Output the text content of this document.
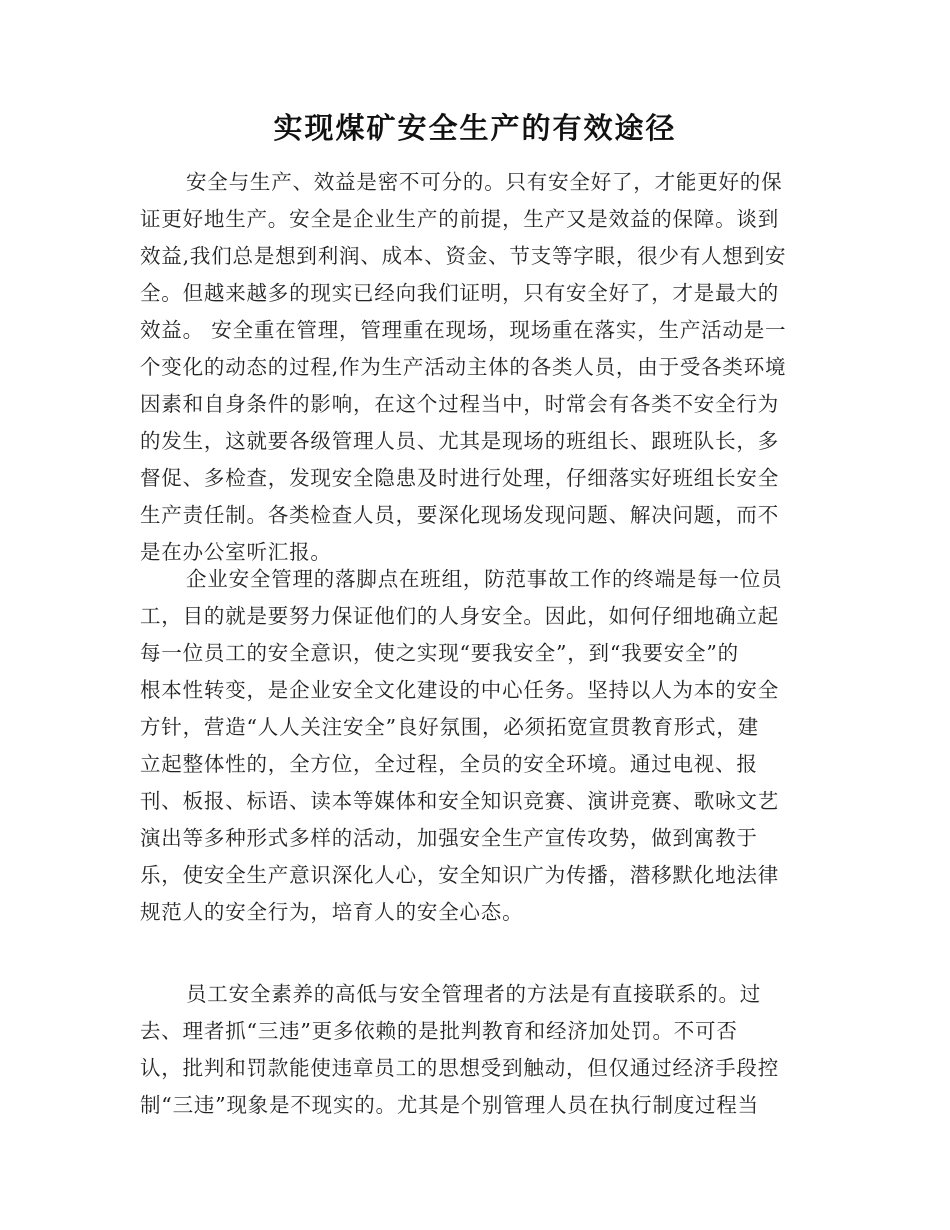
实现煤矿安全生产的有效途径
安全与生产、效益是密不可分的。只有安全好了，才能更好的保
证更好地生产。安全是企业生产的前提，生产又是效益的保障。谈到
效益,我们总是想到利润、成本、资金、节支等字眼，很少有人想到安
全。但越来越多的现实已经向我们证明，只有安全好了，才是最大的
效益。 安全重在管理，管理重在现场，现场重在落实，生产活动是一
个变化的动态的过程,作为生产活动主体的各类人员，由于受各类环境
因素和自身条件的影响，在这个过程当中，时常会有各类不安全行为
的发生，这就要各级管理人员、尤其是现场的班组长、跟班队长，多
督促、多检查，发现安全隐患及时进行处理，仔细落实好班组长安全
生产责任制。各类检查人员，要深化现场发现问题、解决问题，而不
是在办公室听汇报。
企业安全管理的落脚点在班组，防范事故工作的终端是每一位员
工，目的就是要努力保证他们的人身安全。因此，如何仔细地确立起
每一位员工的安全意识，使之实现“要我安全”，到“我要安全”的
根本性转变，是企业安全文化建设的中心任务。坚持以人为本的安全
方针，营造“人人关注安全”良好氛围，必须拓宽宣贯教育形式，建
立起整体性的，全方位，全过程，全员的安全环境。通过电视、报
刊、板报、标语、读本等媒体和安全知识竞赛、演讲竞赛、歌咏文艺
演出等多种形式多样的活动，加强安全生产宣传攻势，做到寓教于
乐，使安全生产意识深化人心，安全知识广为传播，潜移默化地法律
规范人的安全行为，培育人的安全心态。
员工安全素养的高低与安全管理者的方法是有直接联系的。过
去、理者抓“三违”更多依赖的是批判教育和经济加处罚。不可否
认，批判和罚款能使违章员工的思想受到触动，但仅通过经济手段控
制“三违”现象是不现实的。尤其是个别管理人员在执行制度过程当
